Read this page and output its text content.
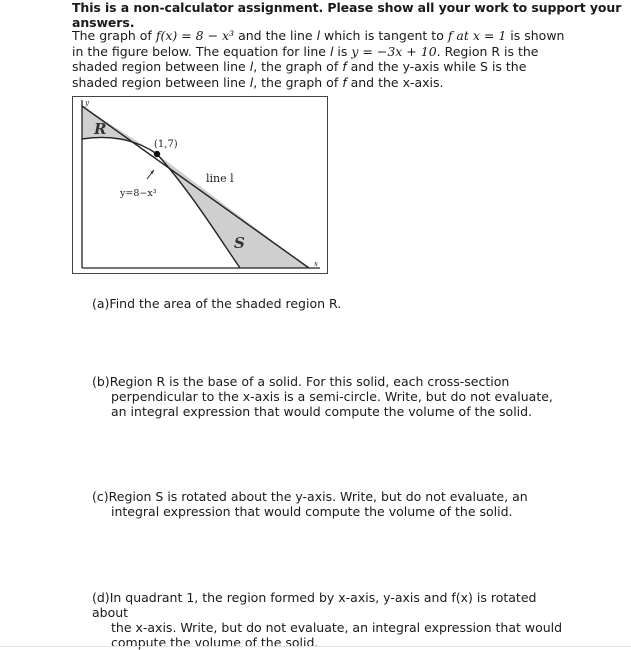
This is a non-calculator assignment. Please show all your work to support your answers.
The graph of f(x) = 8 − x³ and the line l which is tangent to f at x = 1 is shown in the figure below. The equation for line l is y = −3x + 10. Region R is the shaded region between line l, the graph of f and the y-axis while S is the shaded region between line l, the graph of f and the x-axis.
y
x
R
S
(1,7)
line l
y=8−x³
(a)Find the area of the shaded region R.
(b)Region R is the base of a solid. For this solid, each cross-section
perpendicular to the x-axis is a semi-circle. Write, but do not evaluate, an integral expression that would compute the volume of the solid.
(c)Region S is rotated about the y-axis. Write, but do not evaluate, an
integral expression that would compute the volume of the solid.
(d)In quadrant 1, the region formed by x-axis, y-axis and f(x) is rotated about
the x-axis. Write, but do not evaluate, an integral expression that would compute the volume of the solid.
